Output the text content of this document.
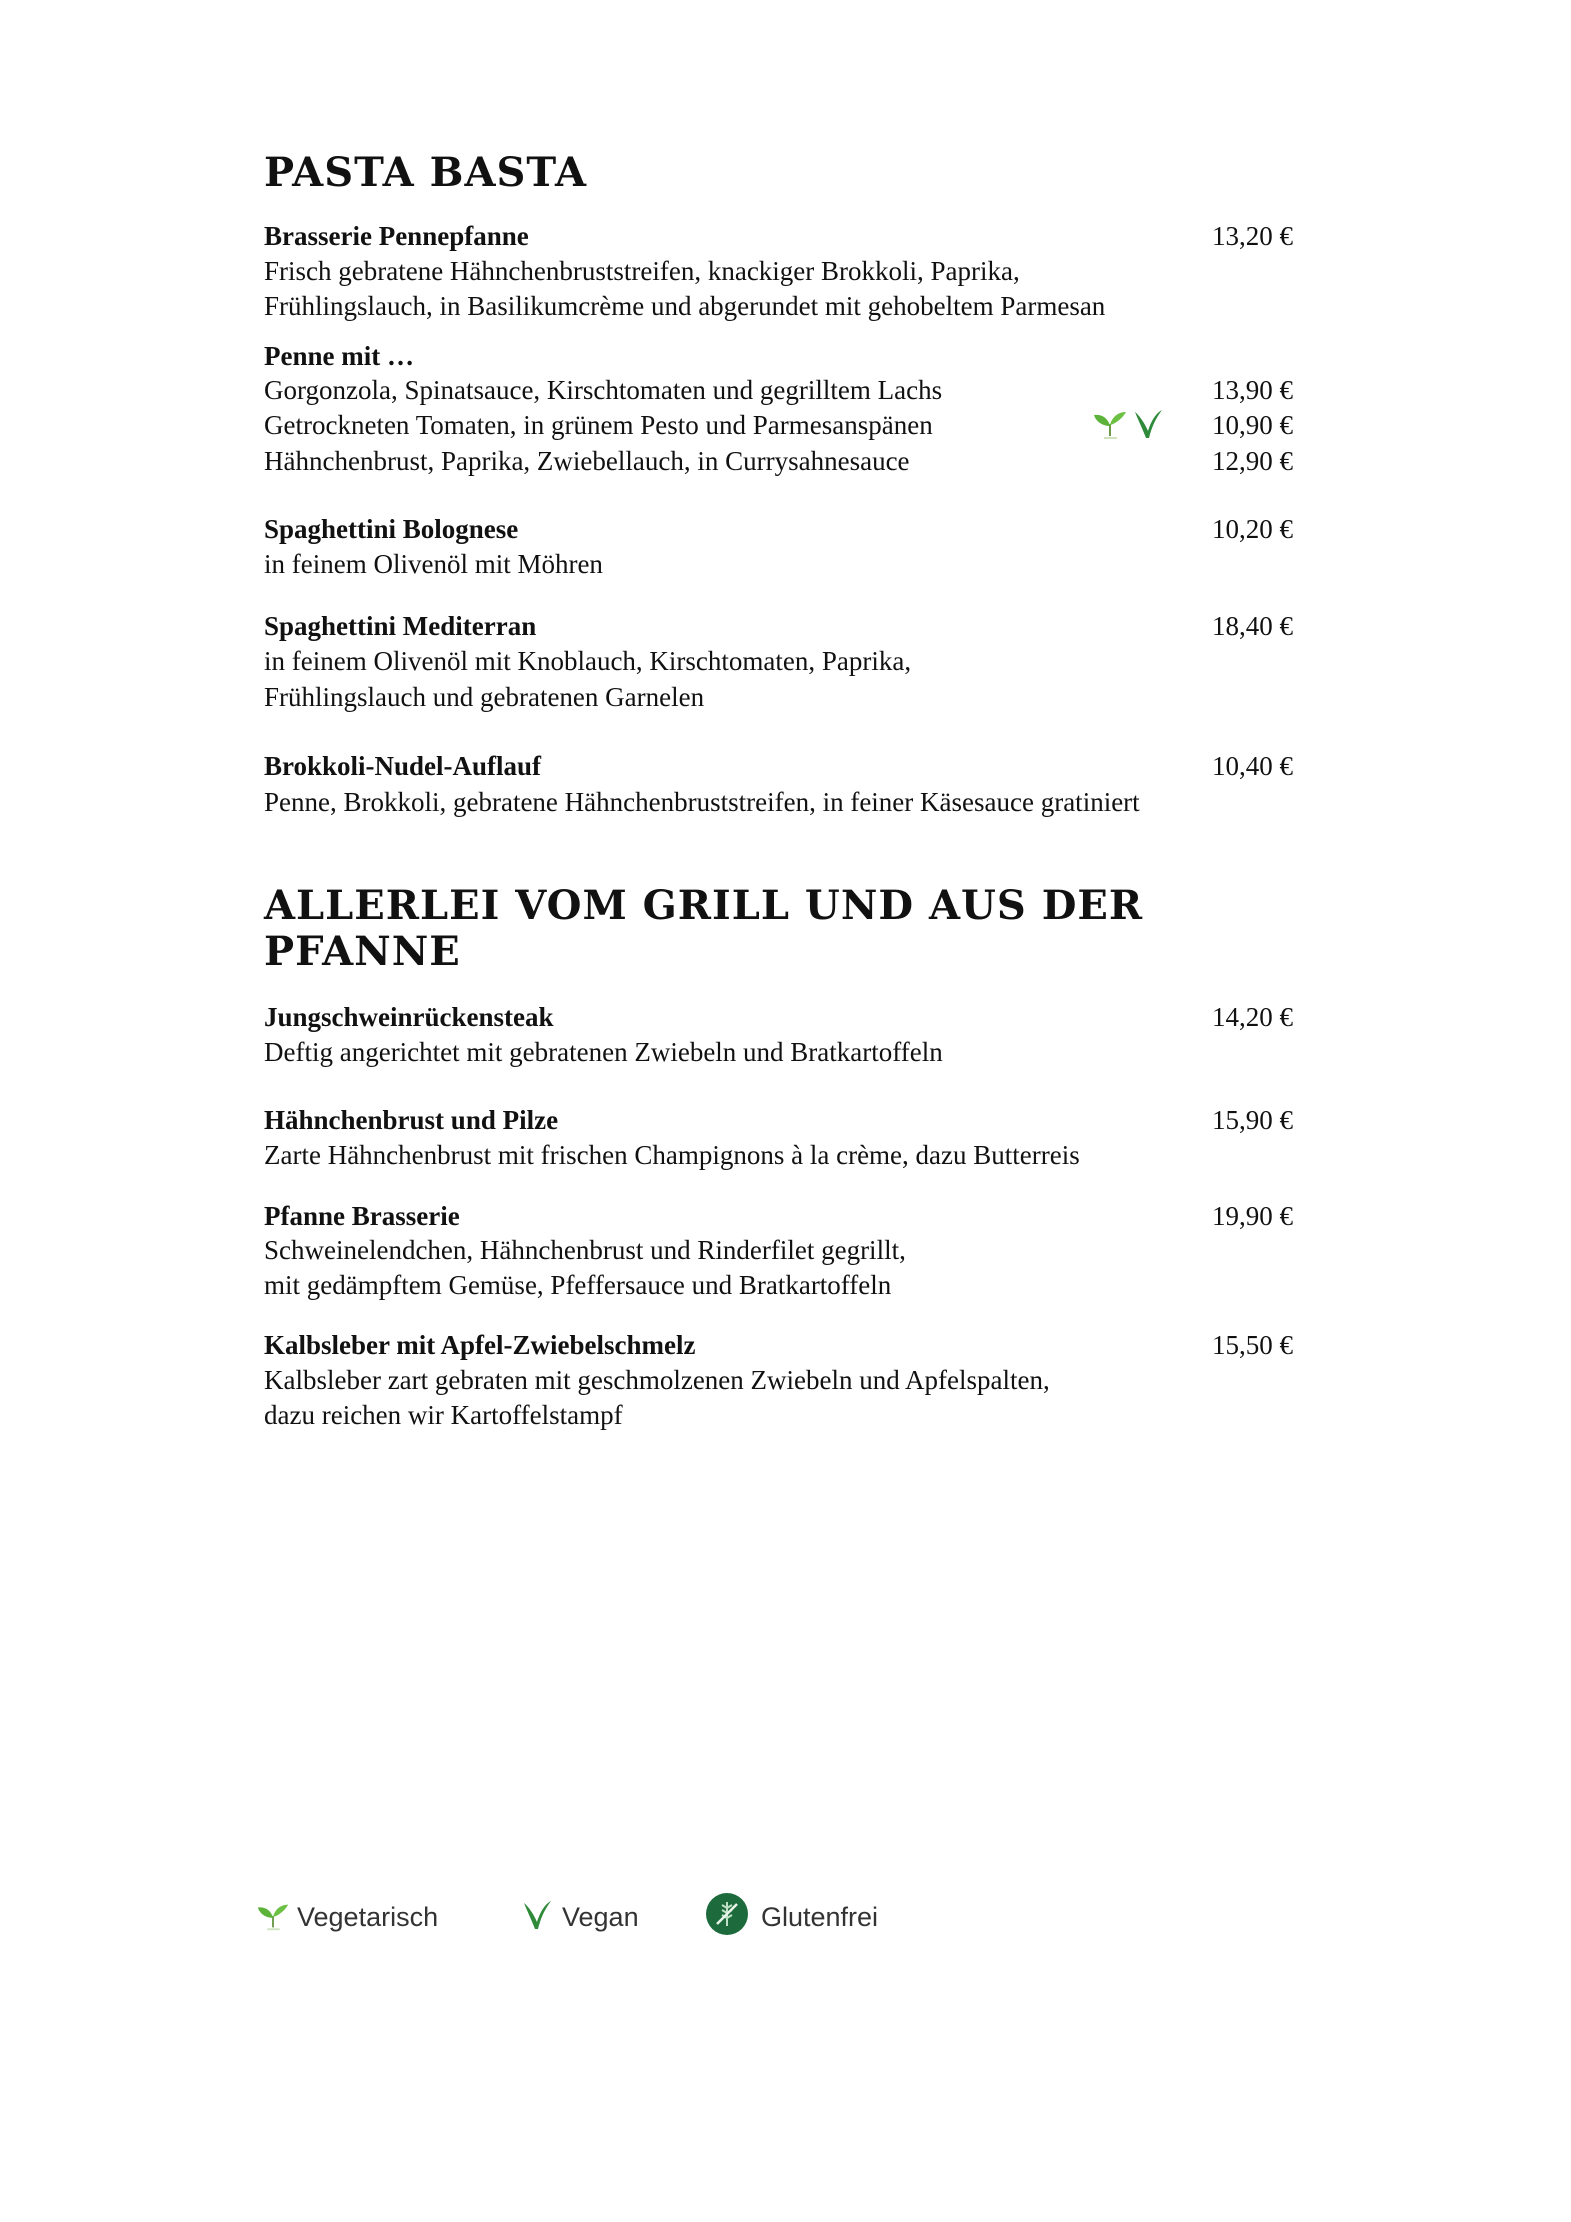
PASTA BASTA
Brasserie Pennepfanne	13,20 €
Frisch gebratene Hähnchenbruststreifen, knackiger Brokkoli, Paprika,
Frühlingslauch, in Basilikumcrème und abgerundet mit gehobeltem Parmesan
Penne mit …
Gorgonzola, Spinatsauce, Kirschtomaten und gegrilltem Lachs	13,90 €
Getrockneten Tomaten, in grünem Pesto und Parmesanspänen	10,90 €
Hähnchenbrust, Paprika, Zwiebellauch, in Currysahnesauce	12,90 €
Spaghettini Bolognese	10,20 €
in feinem Olivenöl mit Möhren
Spaghettini Mediterran	18,40 €
in feinem Olivenöl mit Knoblauch, Kirschtomaten, Paprika,
Frühlingslauch und gebratenen Garnelen
Brokkoli-Nudel-Auflauf	10,40 €
Penne, Brokkoli, gebratene Hähnchenbruststreifen, in feiner Käsesauce gratiniert
ALLERLEI VOM GRILL UND AUS DER
PFANNE
Jungschweinrückensteak	14,20 €
Deftig angerichtet mit gebratenen Zwiebeln und Bratkartoffeln
Hähnchenbrust und Pilze	15,90 €
Zarte Hähnchenbrust mit frischen Champignons à la crème, dazu Butterreis
Pfanne Brasserie	19,90 €
Schweinelendchen, Hähnchenbrust und Rinderfilet gegrillt,
mit gedämpftem Gemüse, Pfeffersauce und Bratkartoffeln
Kalbsleber mit Apfel-Zwiebelschmelz	15,50 €
Kalbsleber zart gebraten mit geschmolzenen Zwiebeln und Apfelspalten,
dazu reichen wir Kartoffelstampf
Vegetarisch	Vegan	Glutenfrei
